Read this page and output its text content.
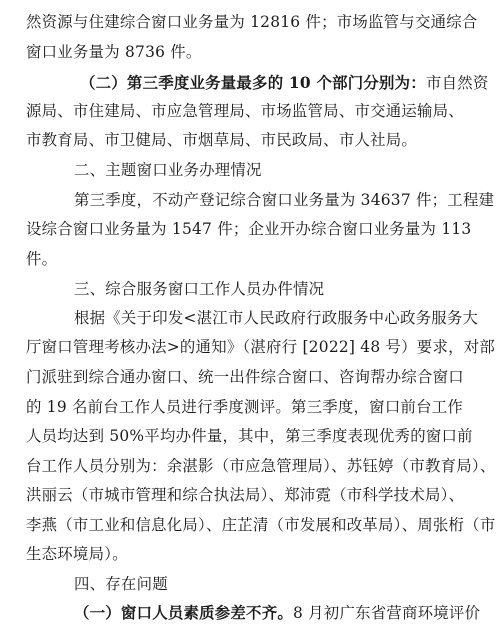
然资源与住建综合窗口业务量为 12816 件；市场监管与交通综合
窗口业务量为 8736 件。
（二）第三季度业务量最多的 10 个部门分别为：市自然资
源局、市住建局、市应急管理局、市场监管局、市交通运输局、
市教育局、市卫健局、市烟草局、市民政局、市人社局。
二、主题窗口业务办理情况
第三季度，不动产登记综合窗口业务量为 34637 件；工程建
设综合窗口业务量为 1547 件；企业开办综合窗口业务量为 113
件。
三、综合服务窗口工作人员办件情况
根据《关于印发<湛江市人民政府行政服务中心政务服务大
厅窗口管理考核办法>的通知》（湛府行 [2022] 48 号）要求，对部
门派驻到综合通办窗口、统一出件综合窗口、咨询帮办综合窗口
的 19 名前台工作人员进行季度测评。第三季度，窗口前台工作
人员均达到 50%平均办件量，其中，第三季度表现优秀的窗口前
台工作人员分别为：余湛影（市应急管理局）、苏钰婷（市教育局）、
洪丽云（市城市管理和综合执法局）、郑沛霓（市科学技术局）、
李燕（市工业和信息化局）、庄芷清（市发展和改革局）、周张桁（市
生态环境局）。
四、存在问题
（一）窗口人员素质参差不齐。8 月初广东省营商环境评价
